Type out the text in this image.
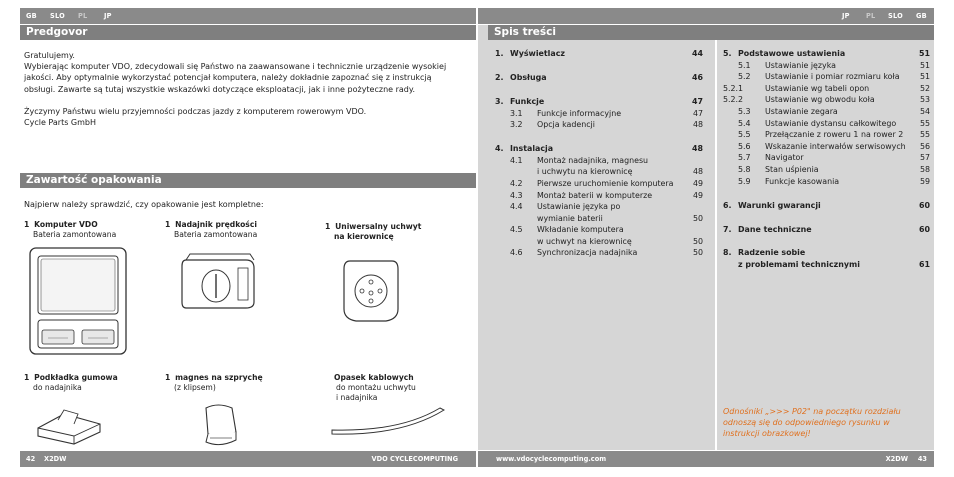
GB SLO PL	JP	JP PL SLO GB
Predgovor
Gratulujemy.
Wybierając komputer VDO, zdecydowali się Państwo na zaawansowane i technicznie urządzenie wysokiej
jakości. Aby optymalnie wykorzystać potencjał komputera, należy dokładnie zapoznać się z instrukcją
obsługi. Zawarte są tutaj wszystkie wskazówki dotyczące eksploatacji, jak i inne pożyteczne rady.
Życzymy Państwu wielu przyjemności podczas jazdy z komputerem rowerowym VDO.
Cycle Parts GmbH
Zawartość opakowania
Najpierw należy sprawdzić, czy opakowanie jest kompletne:
1 Komputer VDO
Bateria zamontowana
1 Nadajnik prędkości
Bateria zamontowana
1 Uniwersalny uchwyt
na kierownicę
1 Podkładka gumowa
do nadajnika
1 magnes na szprychę
(z klipsem)
Opasek kablowych
do montażu uchwytu
i nadajnika
Spis treści
1. Wyświetlacz	44
2. Obsługa	46
3. Funkcje	47
3.1 Funkcje informacyjne	47
3.2 Opcja kadencji	48
4. Instalacja	48
4.1 Montaż nadajnika, magnesu
i uchwytu na kierownicę	48
4.2 Pierwsze uruchomienie komputera 49
4.3 Montaż baterii w komputerze	49
4.4 Ustawianie języka po
wymianie baterii	50
4.5 Wkładanie komputera
w uchwyt na kierownicę	50
4.6 Synchronizacja nadajnika	50
5. Podstawowe ustawienia	51
5.1 Ustawianie języka	51
5.2 Ustawianie i pomiar rozmiaru koła	51
5.2.1	Ustawianie wg tabeli opon	52
5.2.2	Ustawianie wg obwodu koła	53
5.3 Ustawianie zegara	54
5.4 Ustawianie dystansu całkowitego	55
5.5 Przełączanie z roweru 1 na rower 2 55
5.6 Wskazanie interwałów serwisowych 56
5.7 Navigator	57
5.8 Stan uśpienia	58
5.9 Funkcje kasowania	59
6. Warunki gwarancji	60
7. Dane techniczne	60
8. Radzenie sobie
z problemami technicznymi	61
Odnośniki „>>> P02" na początku rozdziału
odnoszą się do odpowiedniego rysunku w
instrukcji obrazkowej!
42 X2DW	VDO CYCLECOMPUTING	www.vdocyclecomputing.com	X2DW 43
